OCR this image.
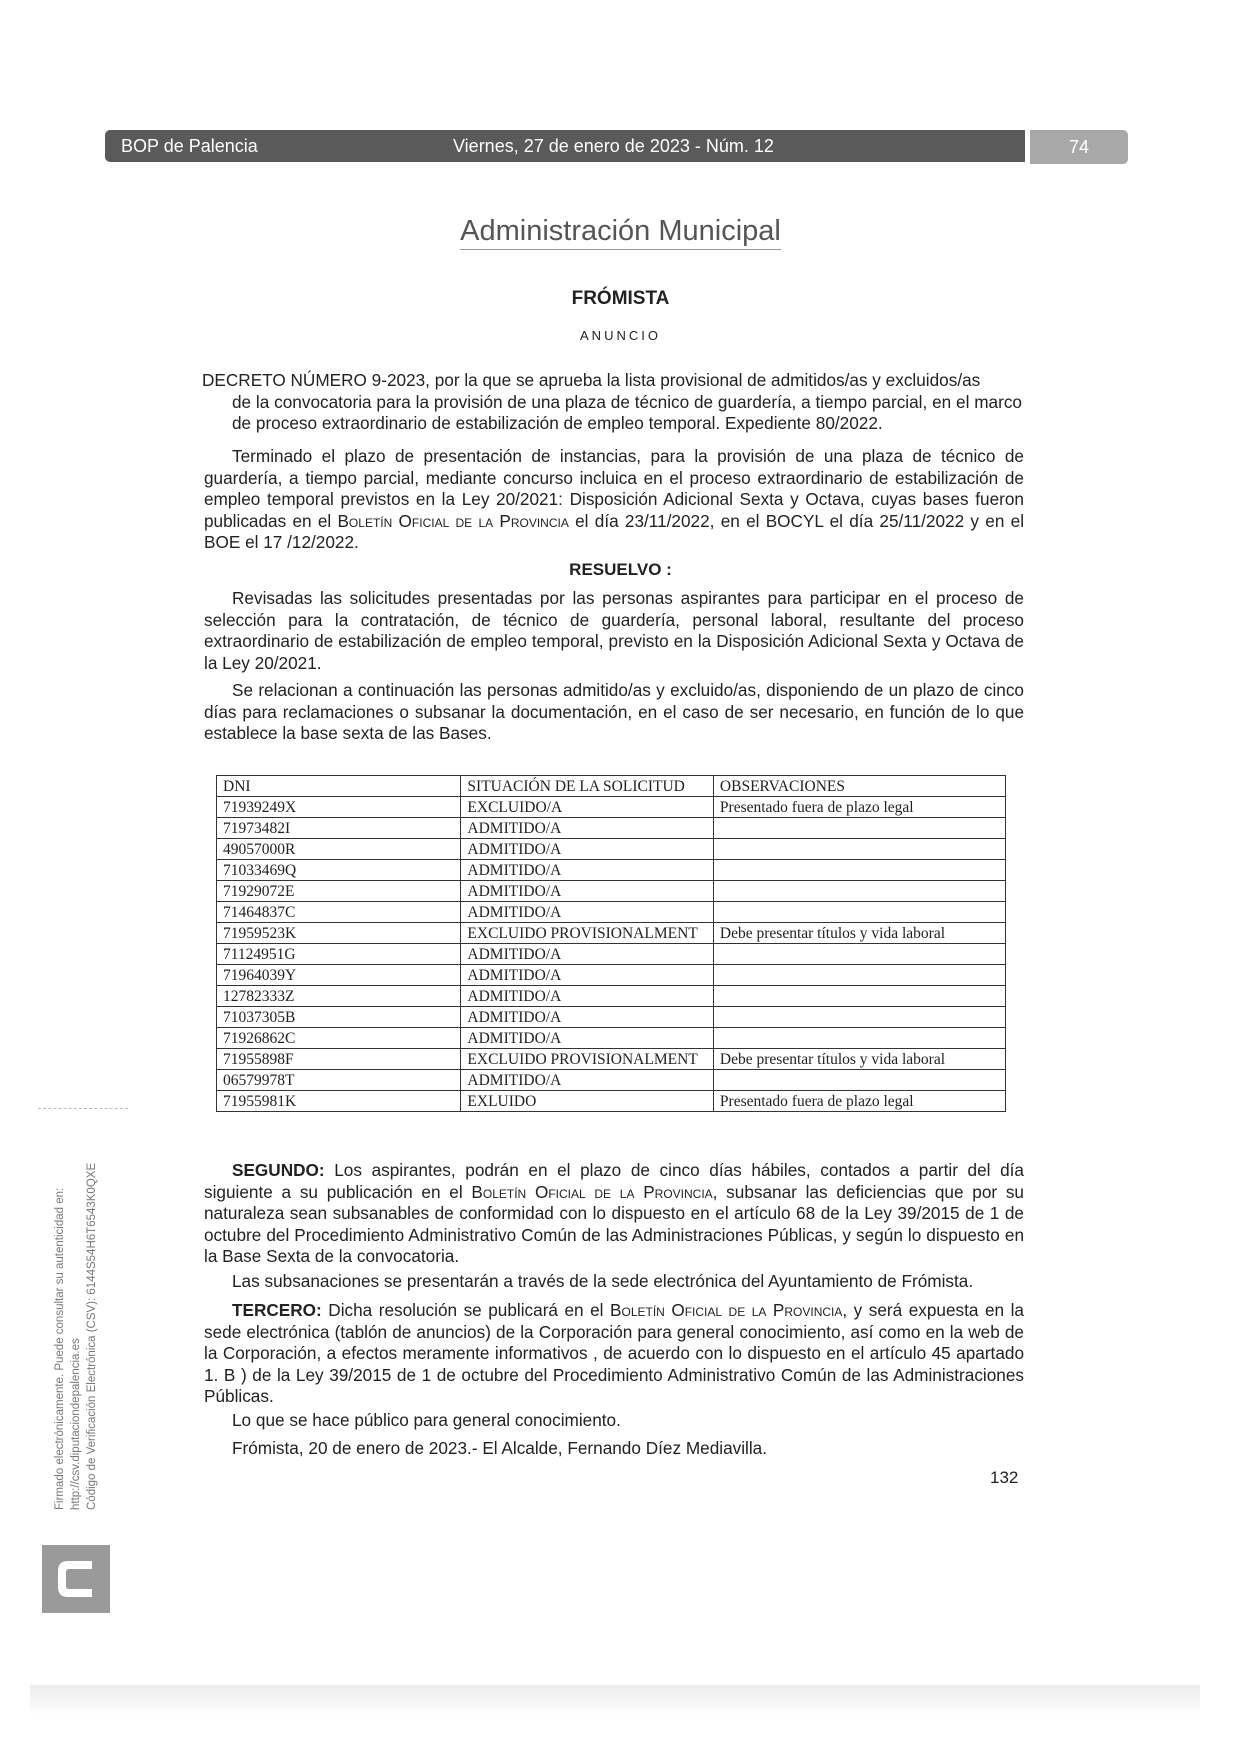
BOP de Palencia	Viernes, 27 de enero de 2023 - Núm. 12	74
Administración Municipal
FRÓMISTA
ANUNCIO
DECRETO NÚMERO 9-2023, por la que se aprueba la lista provisional de admitidos/as y excluidos/as
de la convocatoria para la provisión de una plaza de técnico de guardería, a tiempo parcial, en el marco de proceso extraordinario de estabilización de empleo temporal. Expediente 80/2022.
Terminado el plazo de presentación de instancias, para la provisión de una plaza de técnico de guardería, a tiempo parcial, mediante concurso incluica en el proceso extraordinario de estabilización de empleo temporal previstos en la Ley 20/2021: Disposición Adicional Sexta y Octava, cuyas bases fueron publicadas en el Boletín Oficial de la Provincia el día 23/11/2022, en el BOCYL el día 25/11/2022 y en el BOE el 17 /12/2022.
RESUELVO :
Revisadas las solicitudes presentadas por las personas aspirantes para participar en el proceso de selección para la contratación, de técnico de guardería, personal laboral, resultante del proceso extraordinario de estabilización de empleo temporal, previsto en la Disposición Adicional Sexta y Octava de la Ley 20/2021.
Se relacionan a continuación las personas admitido/as y excluido/as, disponiendo de un plazo de cinco días para reclamaciones o subsanar la documentación, en el caso de ser necesario, en función de lo que establece la base sexta de las Bases.
DNI	SITUACIÓN DE LA SOLICITUD	OBSERVACIONES
71939249X	EXCLUIDO/A	Presentado fuera de plazo legal
71973482I	ADMITIDO/A	
49057000R	ADMITIDO/A	
71033469Q	ADMITIDO/A	
71929072E	ADMITIDO/A	
71464837C	ADMITIDO/A	
71959523K	EXCLUIDO PROVISIONALMENT	Debe presentar títulos y vida laboral
71124951G	ADMITIDO/A	
71964039Y	ADMITIDO/A	
12782333Z	ADMITIDO/A	
71037305B	ADMITIDO/A	
71926862C	ADMITIDO/A	
71955898F	EXCLUIDO PROVISIONALMENT	Debe presentar títulos y vida laboral
06579978T	ADMITIDO/A	
71955981K	EXLUIDO	Presentado fuera de plazo legal
SEGUNDO: Los aspirantes, podrán en el plazo de cinco días hábiles, contados a partir del día siguiente a su publicación en el Boletín Oficial de la Provincia, subsanar las deficiencias que por su naturaleza sean subsanables de conformidad con lo dispuesto en el artículo 68 de la Ley 39/2015 de 1 de octubre del Procedimiento Administrativo Común de las Administraciones Públicas, y según lo dispuesto en la Base Sexta de la convocatoria.
Las subsanaciones se presentarán a través de la sede electrónica del Ayuntamiento de Frómista.
TERCERO: Dicha resolución se publicará en el Boletín Oficial de la Provincia, y será expuesta en la sede electrónica (tablón de anuncios) de la Corporación para general conocimiento, así como en la web de la Corporación, a efectos meramente informativos , de acuerdo con lo dispuesto en el artículo 45 apartado 1. B ) de la Ley 39/2015 de 1 de octubre del Procedimiento Administrativo Común de las Administraciones Públicas.
Lo que se hace público para general conocimiento.
Frómista, 20 de enero de 2023.- El Alcalde, Fernando Díez Mediavilla.
132
Firmado electrónicamente. Puede consultar su autenticidad en: http://csv.diputaciondepalencia.es Código de Verificación Electrónica (CSV): 6144S54H6T6543K0QXE
